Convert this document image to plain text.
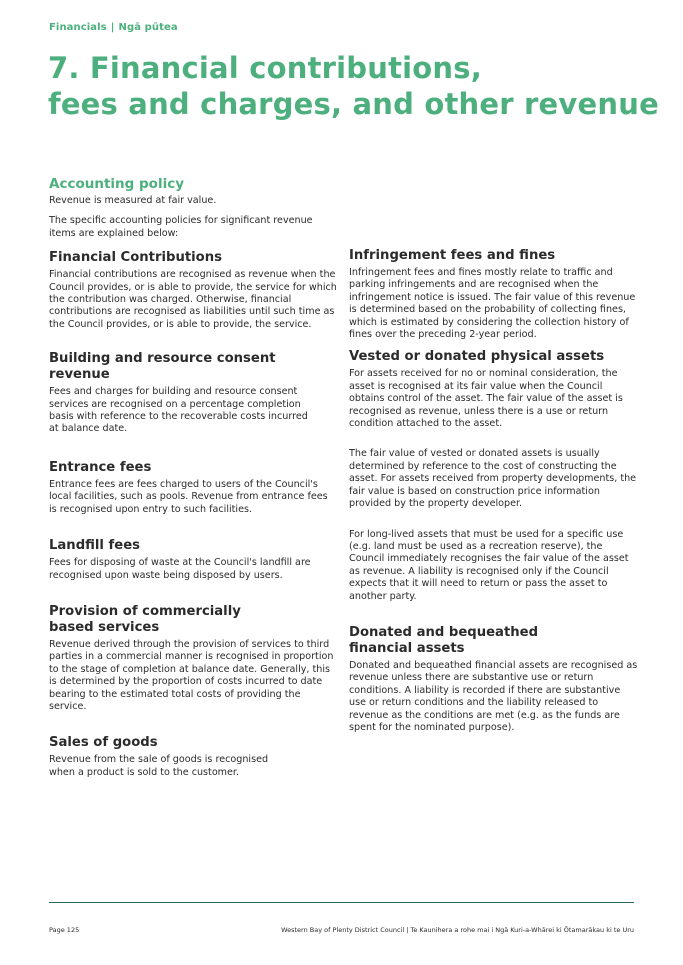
Financials | Ngā pūtea
7. Financial contributions,
fees and charges, and other revenue
Accounting policy

Revenue is measured at fair value.

The specific accounting policies for significant revenue items are explained below:

Financial Contributions

Financial contributions are recognised as revenue when the Council provides, or is able to provide, the service for which the contribution was charged. Otherwise, financial contributions are recognised as liabilities until such time as the Council provides, or is able to provide, the service.

Building and resource consent revenue

Fees and charges for building and resource consent services are recognised on a percentage completion basis with reference to the recoverable costs incurred at balance date.

Entrance fees

Entrance fees are fees charged to users of the Council's local facilities, such as pools. Revenue from entrance fees is recognised upon entry to such facilities.

Landfill fees

Fees for disposing of waste at the Council's landfill are recognised upon waste being disposed by users.

Provision of commercially
based services

Revenue derived through the provision of services to third parties in a commercial manner is recognised in proportion to the stage of completion at balance date. Generally, this is determined by the proportion of costs incurred to date bearing to the estimated total costs of providing the service.

Sales of goods

Revenue from the sale of goods is recognised when a product is sold to the customer.

Infringement fees and fines

Infringement fees and fines mostly relate to traffic and parking infringements and are recognised when the infringement notice is issued. The fair value of this revenue is determined based on the probability of collecting fines, which is estimated by considering the collection history of fines over the preceding 2-year period.

Vested or donated physical assets

For assets received for no or nominal consideration, the asset is recognised at its fair value when the Council obtains control of the asset. The fair value of the asset is recognised as revenue, unless there is a use or return condition attached to the asset.

The fair value of vested or donated assets is usually determined by reference to the cost of constructing the asset. For assets received from property developments, the fair value is based on construction price information provided by the property developer.

For long-lived assets that must be used for a specific use (e.g. land must be used as a recreation reserve), the Council immediately recognises the fair value of the asset as revenue. A liability is recognised only if the Council expects that it will need to return or pass the asset to another party.

Donated and bequeathed
financial assets

Donated and bequeathed financial assets are recognised as revenue unless there are substantive use or return conditions. A liability is recorded if there are substantive use or return conditions and the liability released to revenue as the conditions are met (e.g. as the funds are spent for the nominated purpose).

Page 125	Western Bay of Plenty District Council | Te Kaunihera a rohe mai i Ngā Kuri-a-Whārei ki Ōtamarākau ki te Uru
